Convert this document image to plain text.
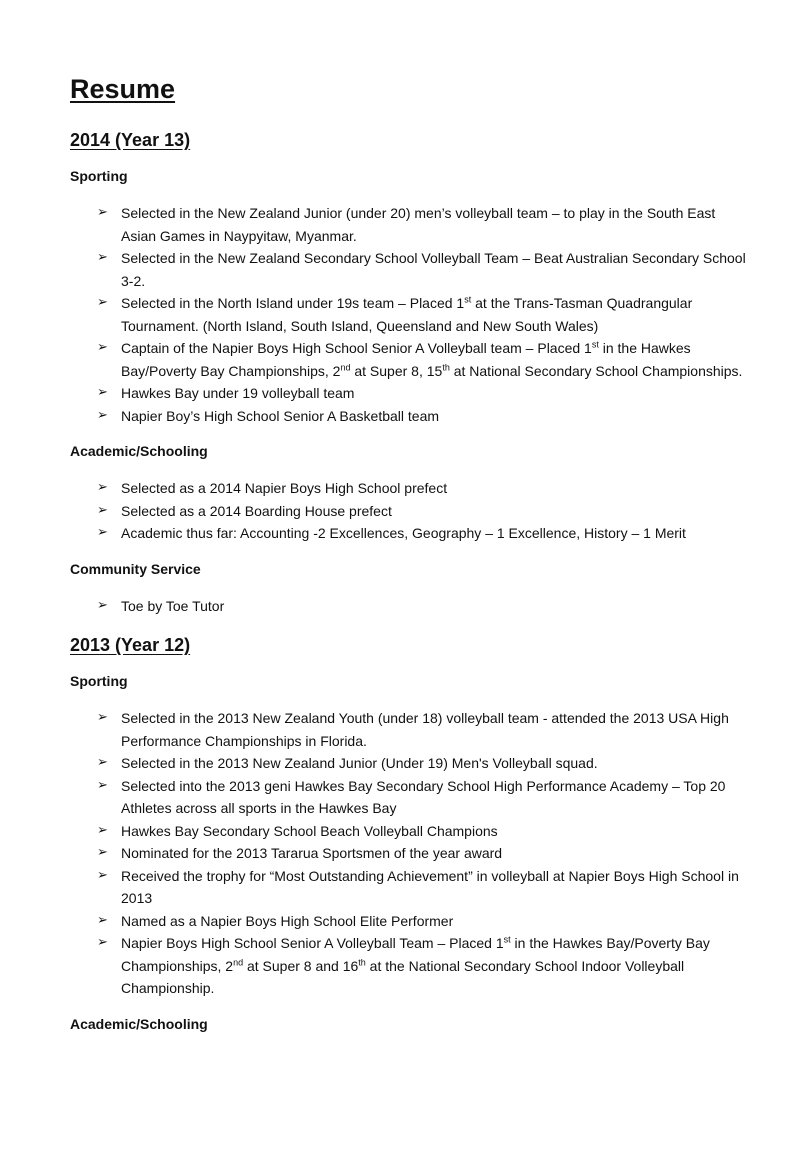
Resume
2014 (Year 13)
Sporting
➢ Selected in the New Zealand Junior (under 20) men’s volleyball team – to play in the South East Asian Games in Naypyitaw, Myanmar.
➢ Selected in the New Zealand Secondary School Volleyball Team – Beat Australian Secondary School 3-2.
➢ Selected in the North Island under 19s team – Placed 1st at the Trans-Tasman Quadrangular Tournament. (North Island, South Island, Queensland and New South Wales)
➢ Captain of the Napier Boys High School Senior A Volleyball team – Placed 1st in the Hawkes Bay/Poverty Bay Championships, 2nd at Super 8, 15th at National Secondary School Championships.
➢ Hawkes Bay under 19 volleyball team
➢ Napier Boy’s High School Senior A Basketball team
Academic/Schooling
➢ Selected as a 2014 Napier Boys High School prefect
➢ Selected as a 2014 Boarding House prefect
➢ Academic thus far: Accounting -2 Excellences, Geography – 1 Excellence, History – 1 Merit
Community Service
➢ Toe by Toe Tutor
2013 (Year 12)
Sporting
➢ Selected in the 2013 New Zealand Youth (under 18) volleyball team - attended the 2013 USA High Performance Championships in Florida.
➢ Selected in the 2013 New Zealand Junior (Under 19) Men's Volleyball squad.
➢ Selected into the 2013 geni Hawkes Bay Secondary School High Performance Academy – Top 20 Athletes across all sports in the Hawkes Bay
➢ Hawkes Bay Secondary School Beach Volleyball Champions
➢ Nominated for the 2013 Tararua Sportsmen of the year award
➢ Received the trophy for “Most Outstanding Achievement” in volleyball at Napier Boys High School in 2013
➢ Named as a Napier Boys High School Elite Performer
➢ Napier Boys High School Senior A Volleyball Team – Placed 1st in the Hawkes Bay/Poverty Bay Championships, 2nd at Super 8 and 16th at the National Secondary School Indoor Volleyball Championship.
Academic/Schooling
